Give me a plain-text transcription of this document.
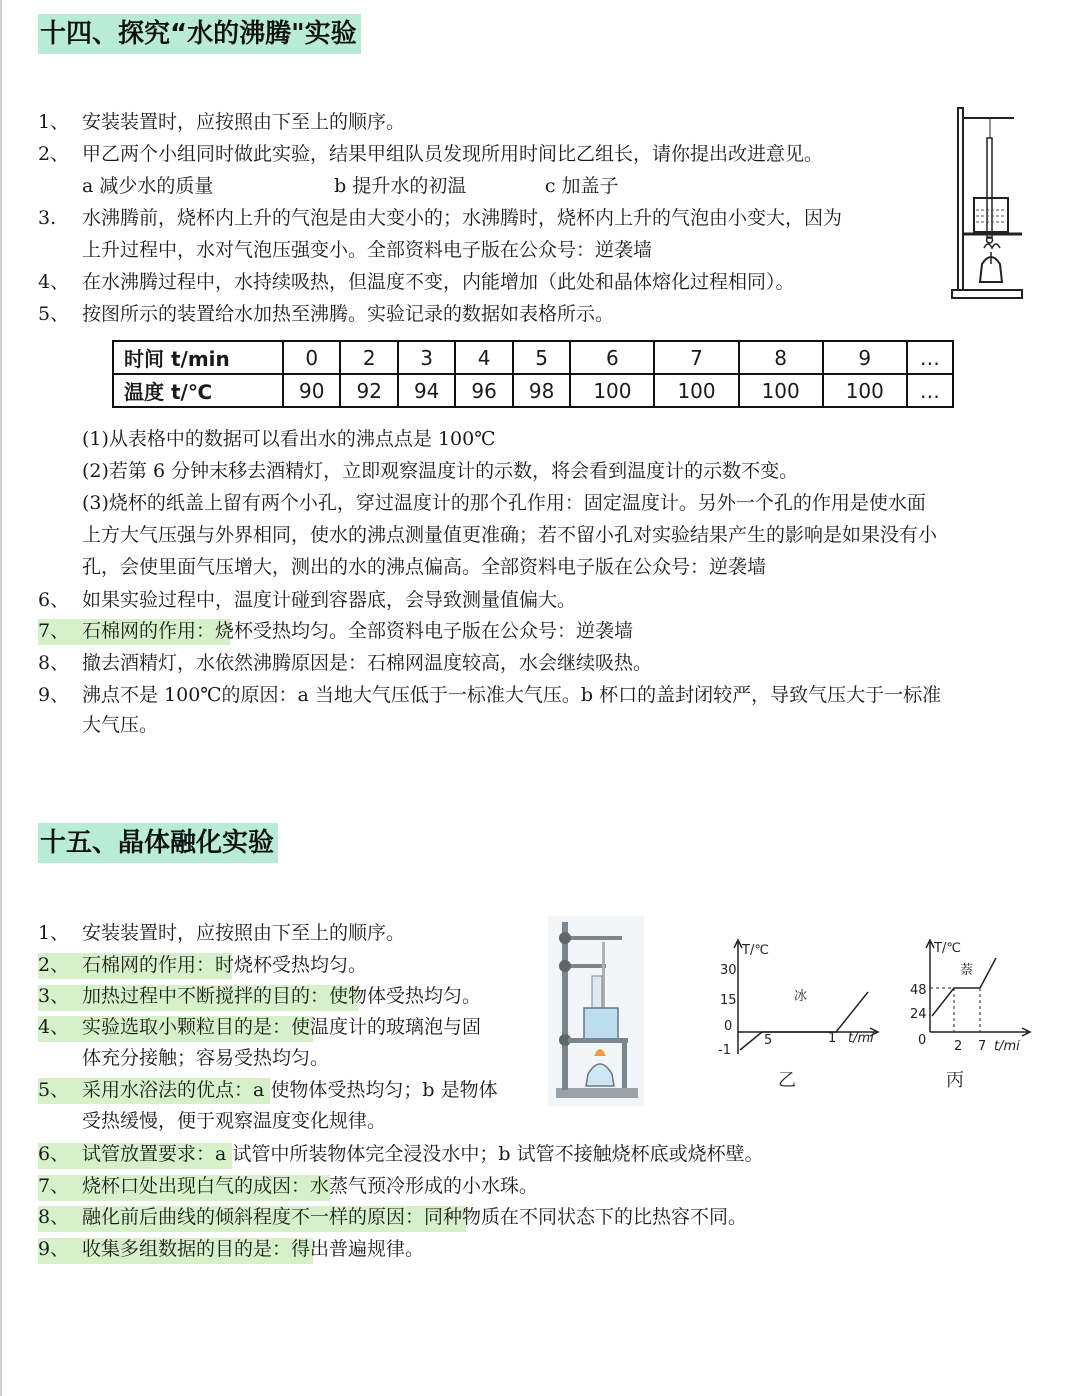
十四、探究“水的沸腾"实验
1、 安装装置时，应按照由下至上的顺序。
2、 甲乙两个小组同时做此实验，结果甲组队员发现所用时间比乙组长，请你提出改进意见。
a 减少水的质量                    b 提升水的初温             c 加盖子
3.	水沸腾前，烧杯内上升的气泡是由大变小的；水沸腾时，烧杯内上升的气泡由小变大，因为
上升过程中，水对气泡压强变小。全部资料电子版在公众号：逆袭墙
4、 在水沸腾过程中，水持续吸热，但温度不变，内能增加（此处和晶体熔化过程相同）。
5、 按图所示的装置给水加热至沸腾。实验记录的数据如表格所示。
时间 t/min	0	2	3	4	5	6	7	8	9	…
温度 t/℃	90	92	94	96	98	100	100	100	100	…
(1)从表格中的数据可以看出水的沸点点是 100℃
(2)若第 6 分钟末移去酒精灯，立即观察温度计的示数，将会看到温度计的示数不变。
(3)烧杯的纸盖上留有两个小孔，穿过温度计的那个孔作用：固定温度计。另外一个孔的作用是使水面
上方大气压强与外界相同，使水的沸点测量值更准确；若不留小孔对实验结果产生的影响是如果没有小
孔，会使里面气压增大，测出的水的沸点偏高。全部资料电子版在公众号：逆袭墙
6、 如果实验过程中，温度计碰到容器底，会导致测量值偏大。
7、 石棉网的作用：烧杯受热均匀。全部资料电子版在公众号：逆袭墙
8、 撤去酒精灯，水依然沸腾原因是：石棉网温度较高，水会继续吸热。
9、 沸点不是 100℃的原因：a 当地大气压低于一标准大气压。b 杯口的盖封闭较严，导致气压大于一标准
大气压。
十五、晶体融化实验
1、 安装装置时，应按照由下至上的顺序。
2、 石棉网的作用：时烧杯受热均匀。
3、 加热过程中不断搅拌的目的：使物体受热均匀。
4、 实验选取小颗粒目的是：使温度计的玻璃泡与固
体充分接触；容易受热均匀。
5、 采用水浴法的优点：a 使物体受热均匀；b 是物体
受热缓慢，便于观察温度变化规律。
6、 试管放置要求：a 试管中所装物体完全浸没水中；b 试管不接触烧杯底或烧杯壁。
7、 烧杯口处出现白气的成因：水蒸气预冷形成的小水珠。
8、 融化前后曲线的倾斜程度不一样的原因：同种物质在不同状态下的比热容不同。
9、 收集多组数据的目的是：得出普遍规律。
T/℃
30
15
0
-1
5	1 t/mi
冰
乙
T/℃
48
24
0 2 7 t/mi
萘
丙
